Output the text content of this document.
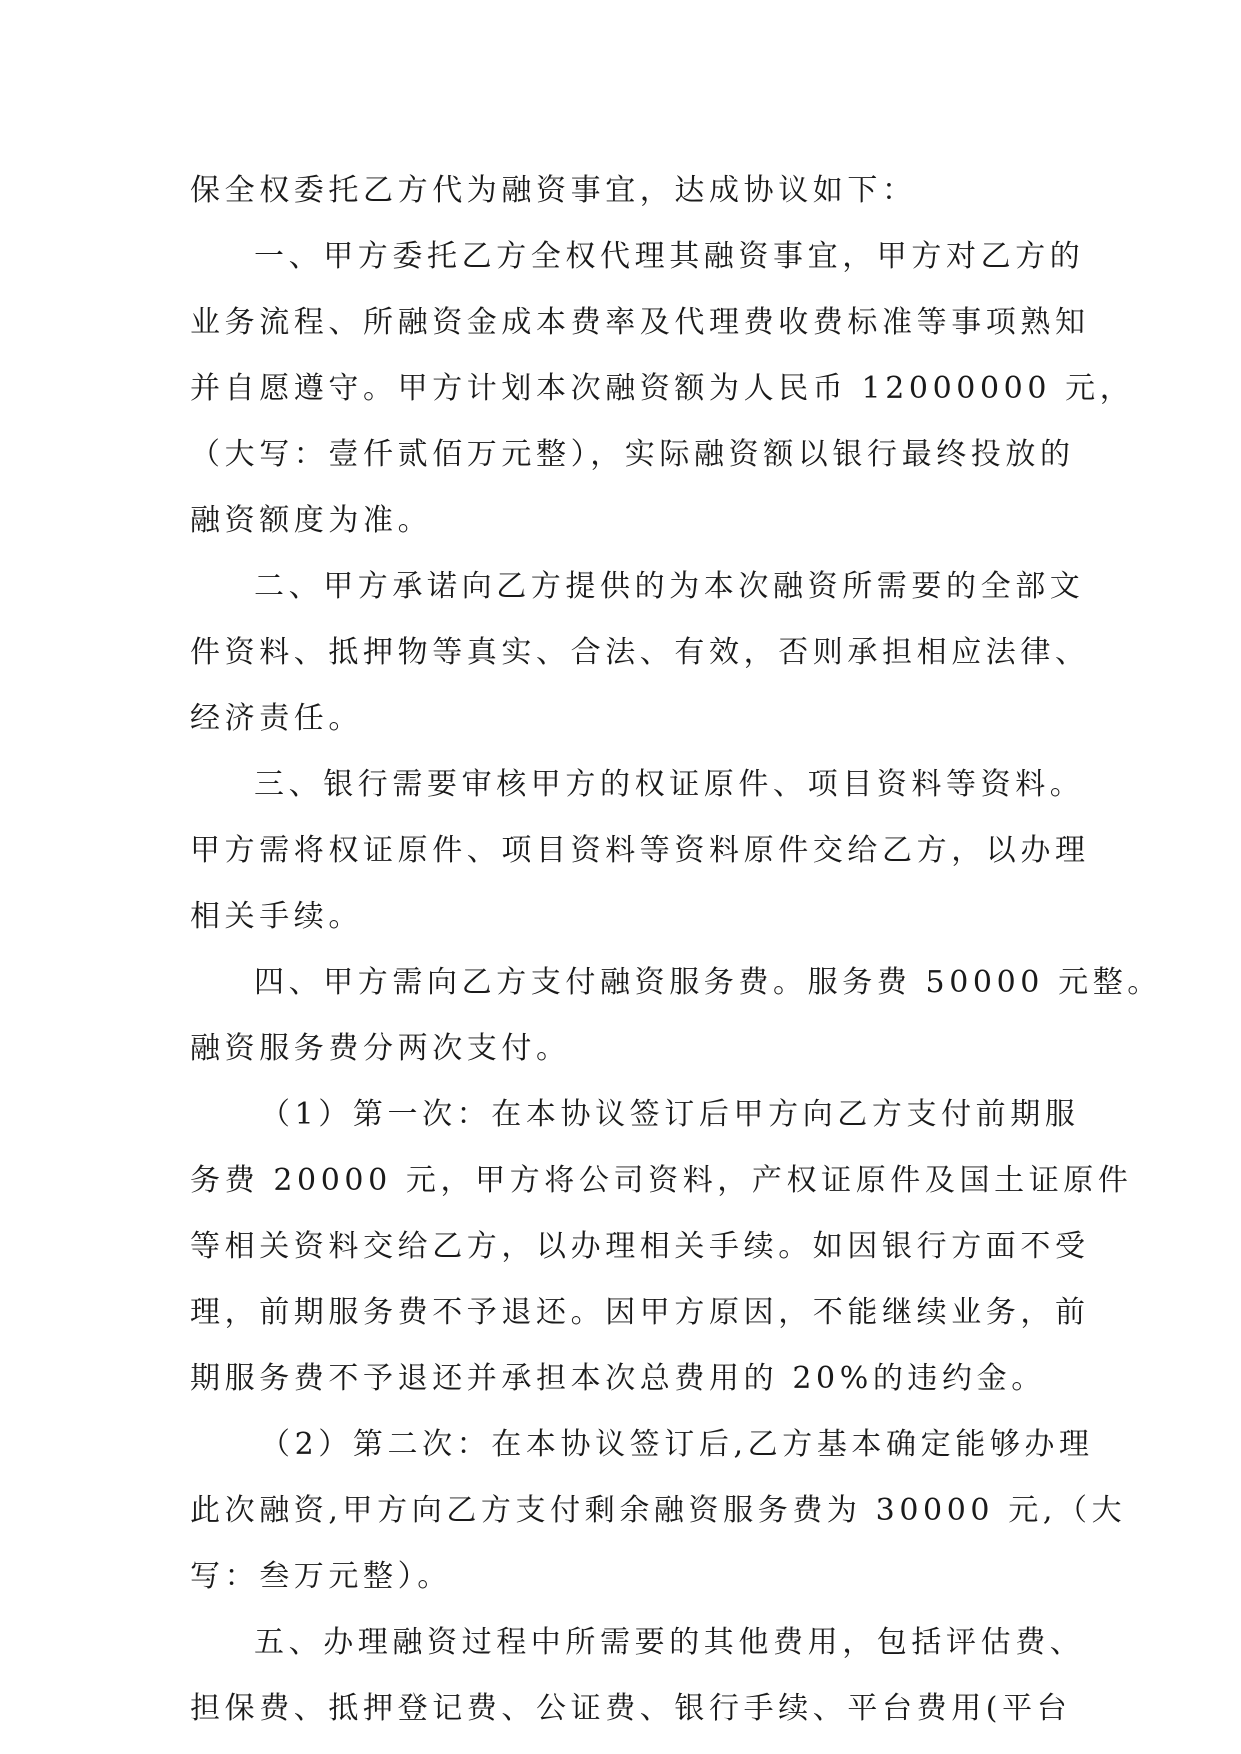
保全权委托乙方代为融资事宜，达成协议如下：
一、甲方委托乙方全权代理其融资事宜，甲方对乙方的
业务流程、所融资金成本费率及代理费收费标准等事项熟知
并自愿遵守。甲方计划本次融资额为人民币 12000000 元，
（大写：壹仟贰佰万元整），实际融资额以银行最终投放的
融资额度为准。
二、甲方承诺向乙方提供的为本次融资所需要的全部文
件资料、抵押物等真实、合法、有效，否则承担相应法律、
经济责任。
三、银行需要审核甲方的权证原件、项目资料等资料。
甲方需将权证原件、项目资料等资料原件交给乙方，以办理
相关手续。
四、甲方需向乙方支付融资服务费。服务费 50000 元整。
融资服务费分两次支付。
（1）第一次：在本协议签订后甲方向乙方支付前期服
务费 20000 元，甲方将公司资料，产权证原件及国土证原件
等相关资料交给乙方，以办理相关手续。如因银行方面不受
理，前期服务费不予退还。因甲方原因，不能继续业务，前
期服务费不予退还并承担本次总费用的 20%的违约金。
（2）第二次：在本协议签订后,乙方基本确定能够办理
此次融资,甲方向乙方支付剩余融资服务费为 30000 元,（大
写：叁万元整）。
五、办理融资过程中所需要的其他费用，包括评估费、
担保费、抵押登记费、公证费、银行手续、平台费用(平台
